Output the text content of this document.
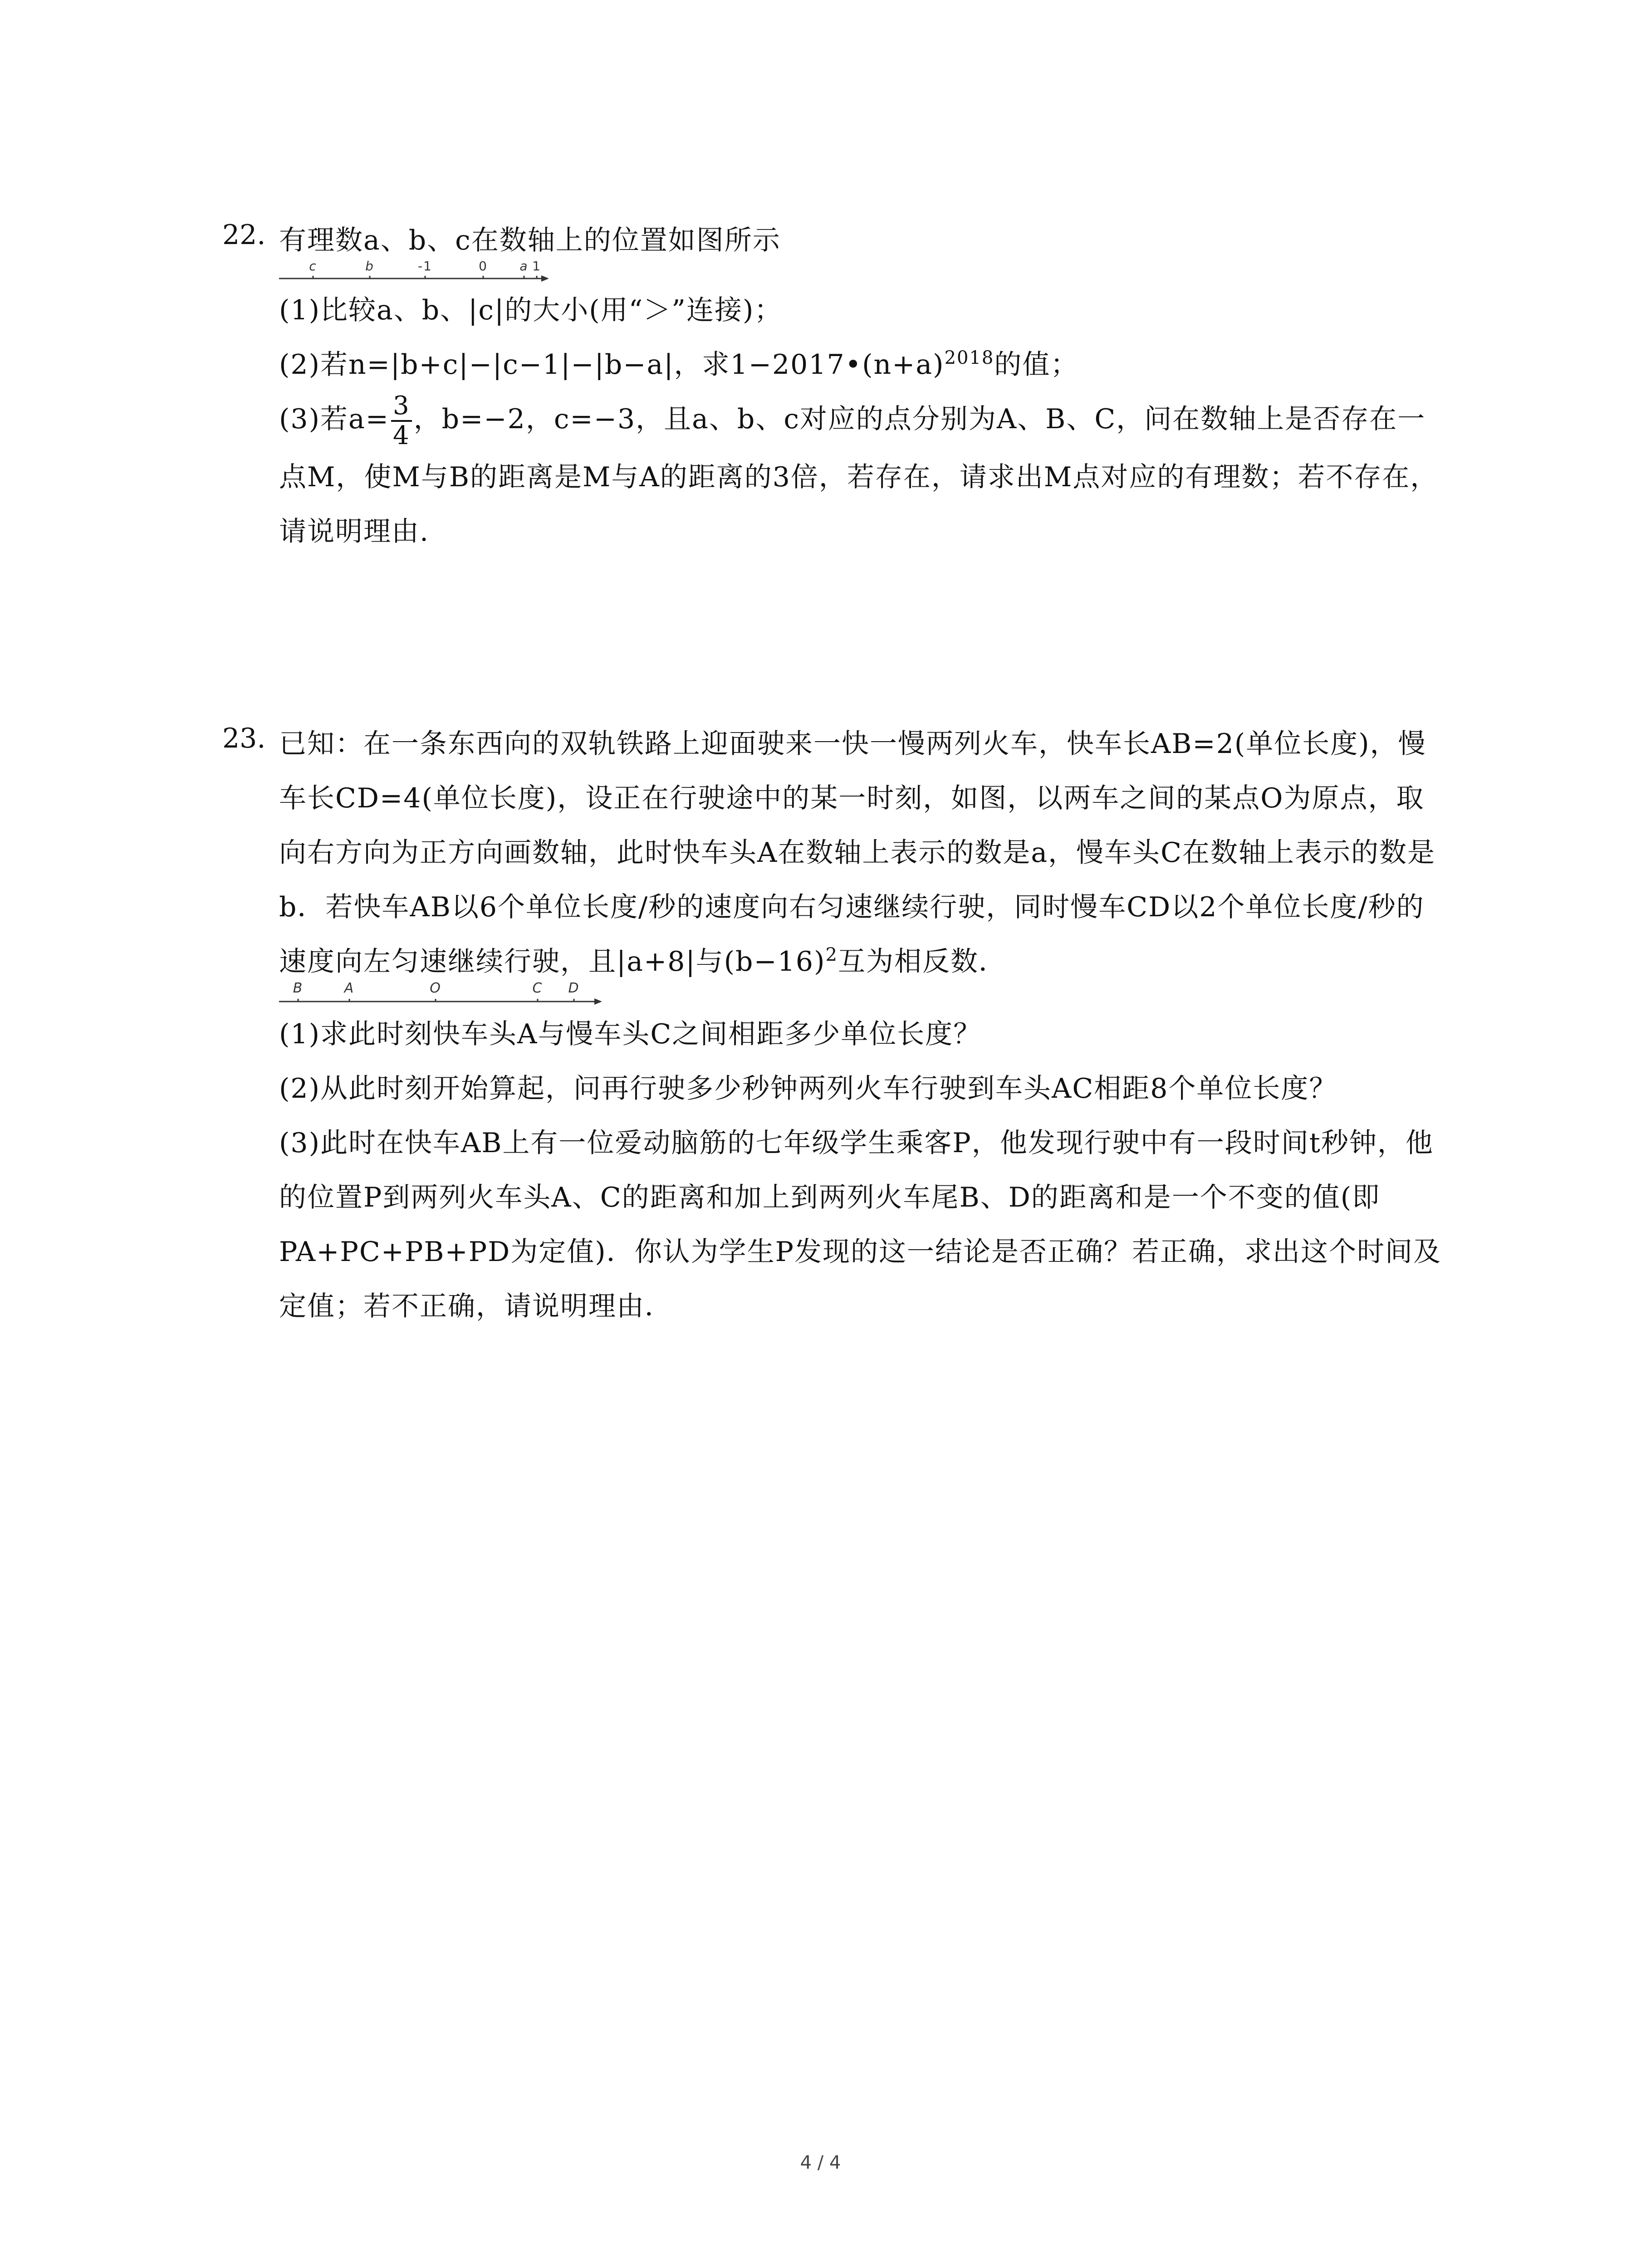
22. 有理数a、b、c在数轴上的位置如图所示

c	b	-1	0	a 1

(1)比较a、b、|c|的大小(用“＞”连接)；

(2)若n=|b+c|−|c−1|−|b−a|，求$1-2017•(n+a)^{2018}$的值；

(3)若$a= \frac{3}{4}$ ，b=−2，c=−3，且a、b、c对应的点分别为A、B、C，问在数轴上是否存在一点M，使M与B的距离是M与A的距离的3倍，若存在，请求出M点对应的有理数；若不存在，请说明理由.

23. 已知：在一条东西向的双轨铁路上迎面驶来一快一慢两列火车，快车长AB=2(单位长度)，慢车长CD=4(单位长度)，设正在行驶途中的某一时刻，如图，以两车之间的某点O为原点，取向右方向为正方向画数轴，此时快车头A在数轴上表示的数是a，慢车头C在数轴上表示的数是b．若快车AB以6个单位长度/秒的速度向右匀速继续行驶，同时慢车CD以2个单位长度/秒的速度向左匀速继续行驶，且|a+8|与$(b-16)^2$互为相反数．

B	A	O	C D

(1)求此时刻快车头A与慢车头C之间相距多少单位长度？

(2)从此时刻开始算起，问再行驶多少秒钟两列火车行驶到车头AC相距8个单位长度？

(3)此时在快车AB上有一位爱动脑筋的七年级学生乘客P，他发现行驶中有一段时间t秒钟，他的位置P到两列火车头A、C的距离和加上到两列火车尾B、D的距离和是一个不变的值(即PA+PC+PB+PD为定值)．你认为学生P发现的这一结论是否正确？若正确，求出这个时间及定值；若不正确，请说明理由．

4 / 4
